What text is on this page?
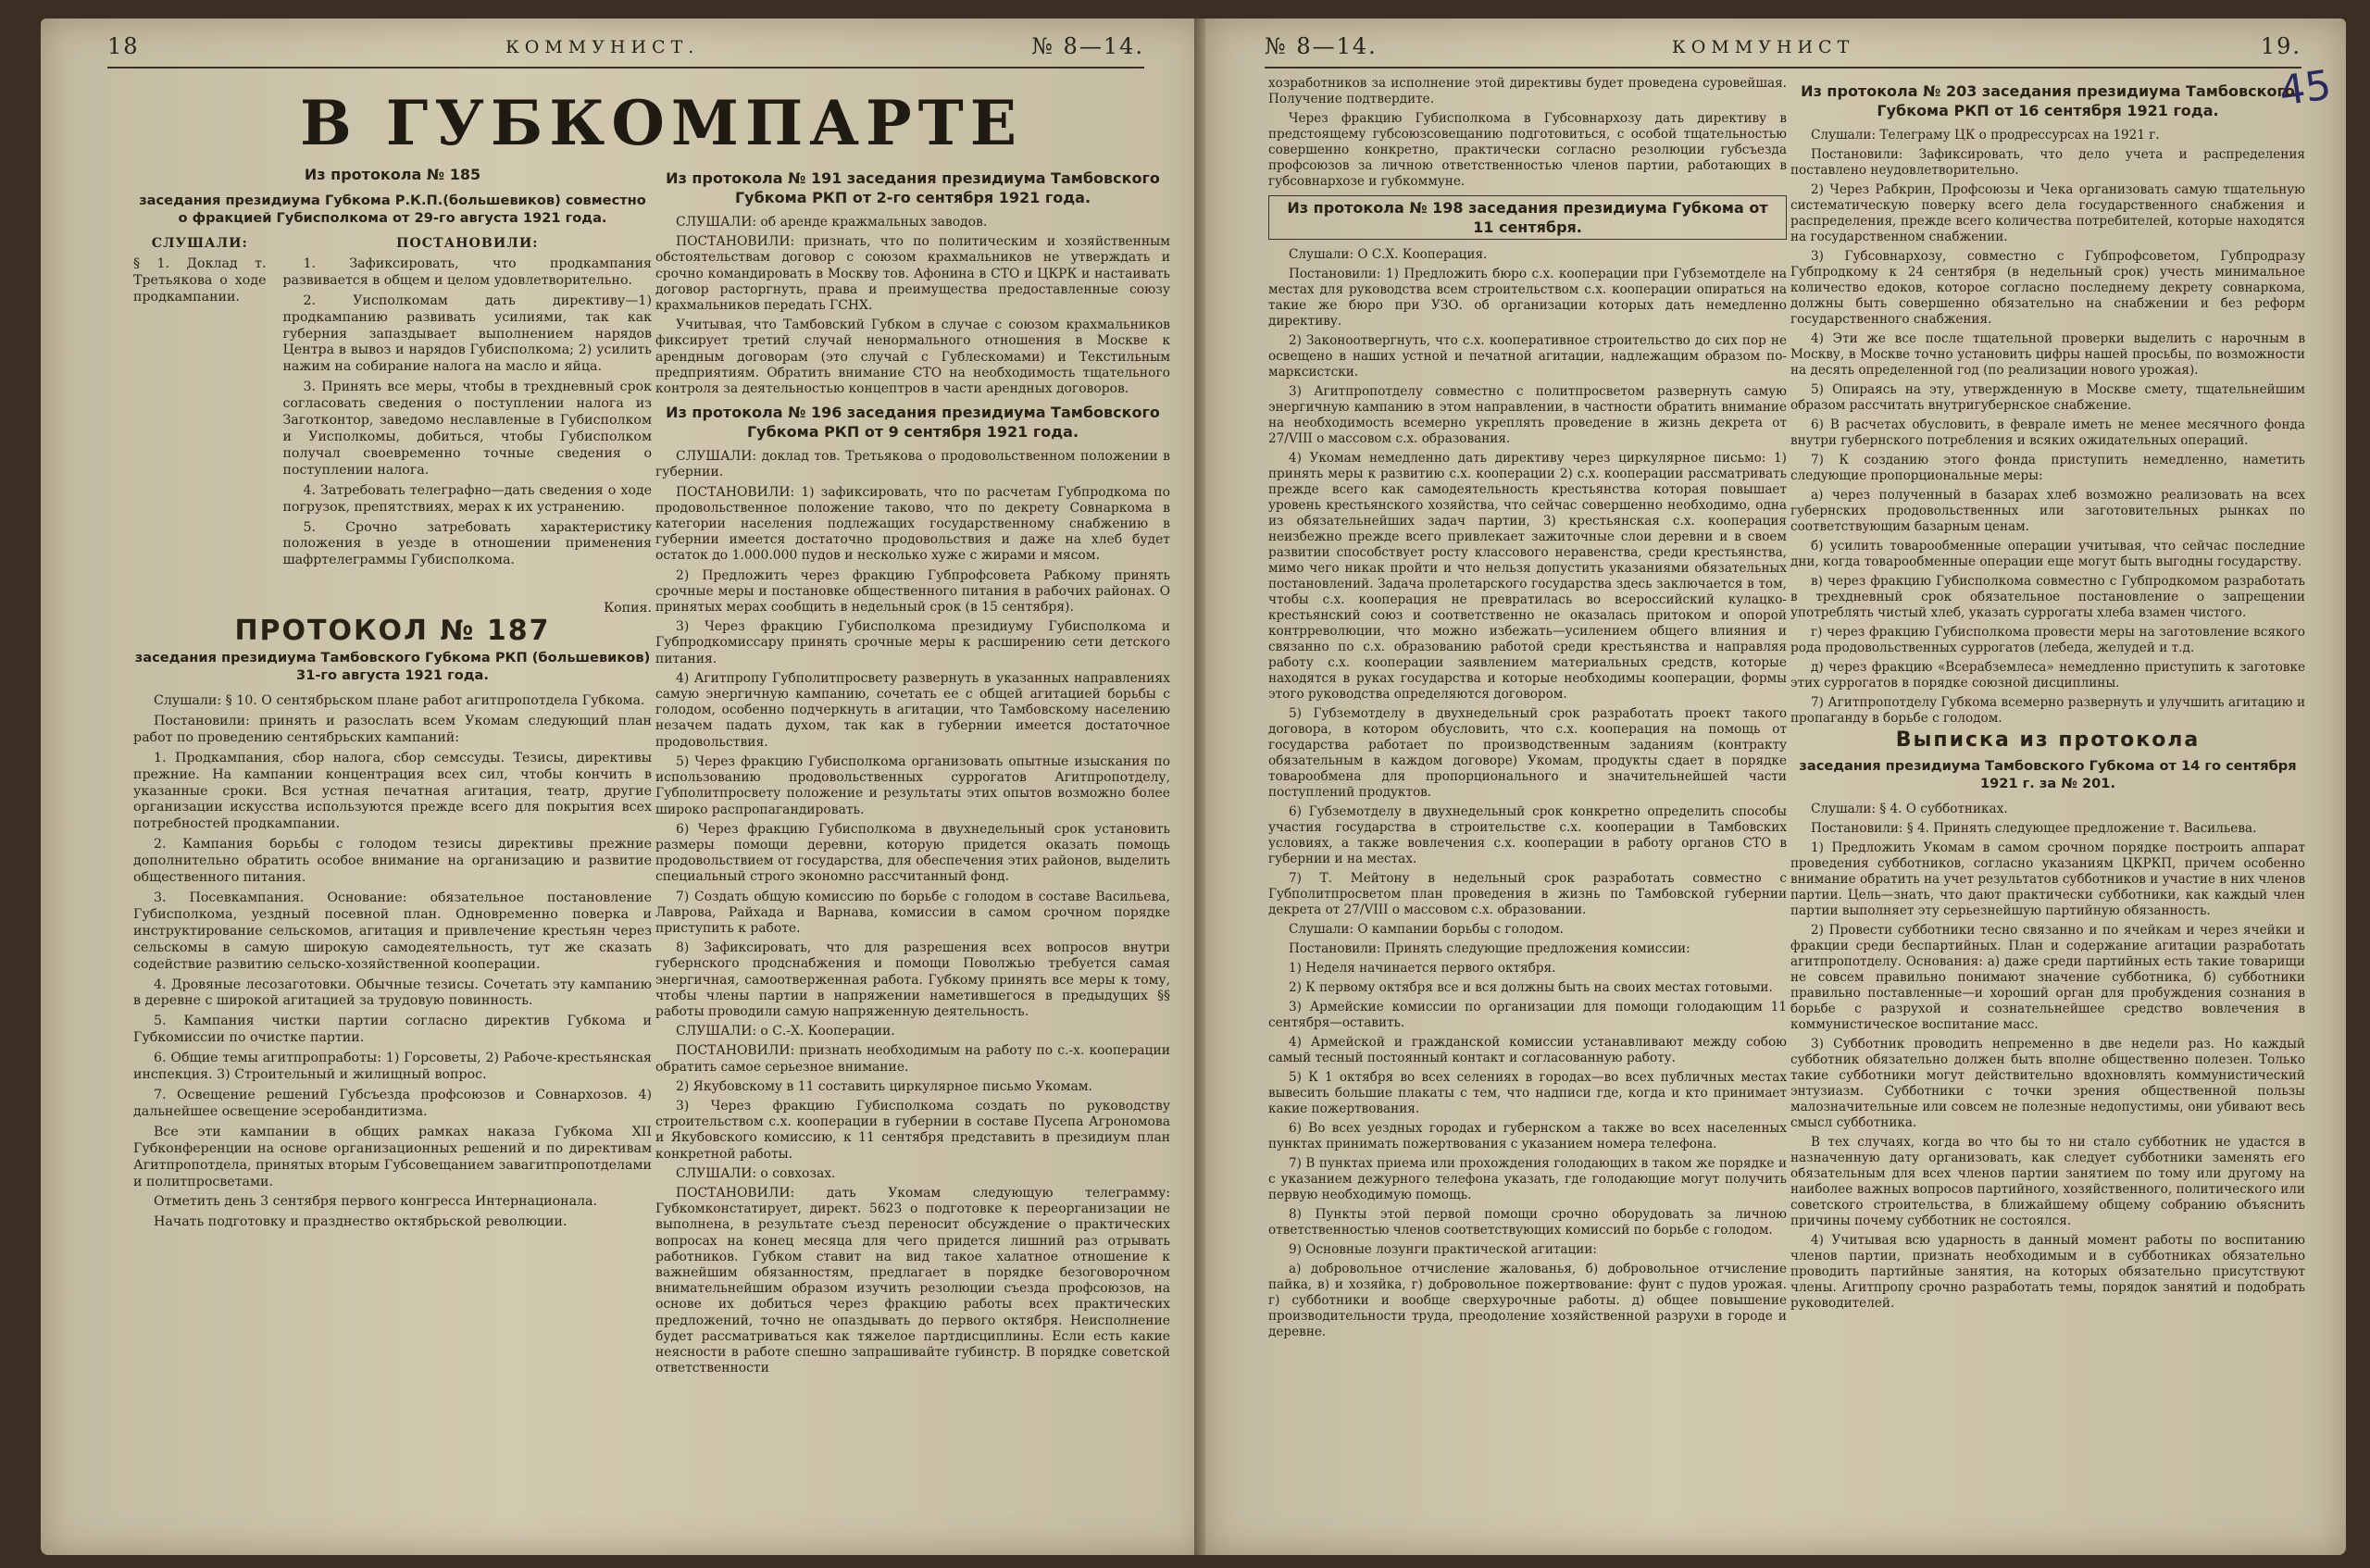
18	КОММУНИСТ.	№ 8—14.
В ГУБКОМПАРТЕ
Из протокола № 185
заседания президиума Губкома Р.К.П.(большевиков) совместно о фракцией Губисполкома от 29-го августа 1921 года.

СЛУШАЛИ:

§ 1. Доклад т. Третьякова о ходе продкампании.

ПОСТАНОВИЛИ:

1. Зафиксировать, что продкампания развивается в общем и целом удовлетворительно.

2. Уисполкомам дать директиву—1) продкампанию развивать усилиями, так как губерния запаздывает выполнением нарядов Центра в вывоз и нарядов Губисполкома; 2) усилить нажим на собирание налога на масло и яйца.

3. Принять все меры, чтобы в трехдневный срок согласовать сведения о поступлении налога из Заготконтор, заведомо неславленые в Губисполком и Уисполкомы, добиться, чтобы Губисполком получал своевременно точные сведения о поступлении налога.

4. Затребовать телеграфно—дать сведения о ходе погрузок, препятствиях, мерах к их устранению.

5. Срочно затребовать характеристику положения в уезде в отношении применения шафртелеграммы Губисполкома.

Копия.

ПРОТОКОЛ № 187
заседания президиума Тамбовского Губкома РКП (большевиков) 31-го августа 1921 года.

Слушали: § 10. О сентябрьском плане работ агитпропотдела Губкома.

Постановили: принять и разослать всем Укомам следующий план работ по проведению сентябрьских кампаний:

1. Продкампания, сбор налога, сбор семссуды. Тезисы, директивы прежние. На кампании концентрация всех сил, чтобы кончить в указанные сроки. Вся устная печатная агитация, театр, другие организации искусства используются прежде всего для покрытия всех потребностей продкампании.

2. Кампания борьбы с голодом тезисы директивы прежние дополнительно обратить особое внимание на организацию и развитие общественного питания.

3. Посевкампания. Основание: обязательное постановление Губисполкома, уездный посевной план. Одновременно поверка и инструктирование сельскомов, агитация и привлечение крестьян через сельскомы в самую широкую самодеятельность, тут же сказать содействие развитию сельско-хозяйственной кооперации.

4. Дровяные лесозаготовки. Обычные тезисы. Сочетать эту кампанию в деревне с широкой агитацией за трудовую повинность.

5. Кампания чистки партии согласно директив Губкома и Губкомиссии по очистке партии.

6. Общие темы агитпропработы: 1) Горсоветы, 2) Рабоче-крестьянская инспекция. 3) Строительный и жилищный вопрос.

7. Освещение решений Губсъезда профсоюзов и Совнархозов. 4) дальнейшее освещение эсеробандитизма.

Все эти кампании в общих рамках наказа Губкома XII Губконференции на основе организационных решений и по директивам Агитпропотдела, принятых вторым Губсовещанием завагитпропотделами и политпросветами.

Отметить день 3 сентября первого конгресса Интернационала.

Начать подготовку и празднество октябрьской революции.

Из протокола № 191 заседания президиума Тамбовского Губкома РКП от 2-го сентября 1921 года.

СЛУШАЛИ: об аренде кражмальных заводов.

ПОСТАНОВИЛИ: признать, что по политическим и хозяйственным обстоятельствам договор с союзом крахмальников не утверждать и срочно командировать в Москву тов. Афонина в СТО и ЦКРК и настаивать договор расторгнуть, права и преимущества предоставленные союзу крахмальников передать ГСНХ.

Учитывая, что Тамбовский Губком в случае с союзом крахмальников фиксирует третий случай ненормального отношения в Москве к арендным договорам (это случай с Гублескомами) и Текстильным предприятиям. Обратить внимание СТО на необходимость тщательного контроля за деятельностью концептров в части арендных договоров.

Из протокола № 196 заседания президиума Тамбовского Губкома РКП от 9 сентября 1921 года.

СЛУШАЛИ: доклад тов. Третьякова о продовольственном положении в губернии.

ПОСТАНОВИЛИ: 1) зафиксировать, что по расчетам Губпродкома по продовольственное положение таково, что по декрету Совнаркома в категории населения подлежащих государственному снабжению в губернии имеется достаточно продовольствия и даже на хлеб будет остаток до 1.000.000 пудов и несколько хуже с жирами и мясом.

2) Предложить через фракцию Губпрофсовета Рабкому принять срочные меры и постановке общественного питания в рабочих районах. О принятых мерах сообщить в недельный срок (в 15 сентября).

3) Через фракцию Губисполкома президиуму Губисполкома и Губпродкомиссару принять срочные меры к расширению сети детского питания.

4) Агитпропу Губполитпросвету развернуть в указанных направлениях самую энергичную кампанию, сочетать ее с общей агитацией борьбы с голодом, особенно подчеркнуть в агитации, что Тамбовскому населению незачем падать духом, так как в губернии имеется достаточное продовольствия.

5) Через фракцию Губисполкома организовать опытные изыскания по использованию продовольственных суррогатов Агитпропотделу, Губполитпросвету положение и результаты этих опытов возможно более широко распропагандировать.

6) Через фракцию Губисполкома в двухнедельный срок установить размеры помощи деревни, которую придется оказать помощь продовольствием от государства, для обеспечения этих районов, выделить специальный строго экономно рассчитанный фонд.

7) Создать общую комиссию по борьбе с голодом в составе Васильева, Лаврова, Райхада и Варнава, комиссии в самом срочном порядке приступить к работе.

8) Зафиксировать, что для разрешения всех вопросов внутри губернского продснабжения и помощи Поволжью требуется самая энергичная, самоотверженная работа. Губкому принять все меры к тому, чтобы члены партии в напряжении наметившегося в предыдущих §§ работы проводили самую напряженную деятельность.

СЛУШАЛИ: о С.-Х. Кооперации.

ПОСТАНОВИЛИ: признать необходимым на работу по с.-х. кооперации обратить самое серьезное внимание.

2) Якубовскому в 11 составить циркулярное письмо Укомам.

3) Через фракцию Губисполкома создать по руководству строительством с.х. кооперации в губернии в составе Пусепа Агрономова и Якубовского комиссию, к 11 сентября представить в президиум план конкретной работы.

СЛУШАЛИ: о совхозах.

ПОСТАНОВИЛИ: дать Укомам следующую телеграмму: Губкомконстатирует, директ. 5623 о подготовке к переорганизации не выполнена, в результате съезд переносит обсуждение о практических вопросах на конец месяца для чего придется лишний раз отрывать работников. Губком ставит на вид такое халатное отношение к важнейшим обязанностям, предлагает в порядке безоговорочном внимательнейшим образом изучить резолюции съезда профсоюзов, на основе их добиться через фракцию работы всех практических предложений, точно не опаздывать до первого октября. Неисполнение будет рассматриваться как тяжелое партдисциплины. Если есть какие неясности в работе спешно запрашивайте губинстр. В порядке советской ответственности

№ 8—14.	КОММУНИСТ	19.
45

хозработников за исполнение этой директивы будет проведена суровейшая. Получение подтвердите.

Через фракцию Губисполкома в Губсовнархозу дать директиву в предстоящему губсоюзсовещанию подготовиться, с особой тщательностью совершенно конкретно, практически согласно резолюции губсъезда профсоюзов за личною ответственностью членов партии, работающих в губсовнархозе и губкоммуне.

Из протокола № 198 заседания президиума Губкома от 11 сентября.

Слушали: О С.Х. Кооперация.

Постановили: 1) Предложить бюро с.х. кооперации при Губземотделе на местах для руководства всем строительством с.х. кооперации опираться на такие же бюро при УЗО. об организации которых дать немедленно директиву.

2) Законоотвергнуть, что с.х. кооперативное строительство до сих пор не освещено в наших устной и печатной агитации, надлежащим образом по-марксистски.

3) Агитпропотделу совместно с политпросветом развернуть самую энергичную кампанию в этом направлении, в частности обратить внимание на необходимость всемерно укреплять проведение в жизнь декрета от 27/VIII о массовом с.х. образования.

4) Укомам немедленно дать директиву через циркулярное письмо: 1) принять меры к развитию с.х. кооперации 2) с.х. кооперации рассматривать прежде всего как самодеятельность крестьянства которая повышает уровень крестьянского хозяйства, что сейчас совершенно необходимо, одна из обязательнейших задач партии, 3) крестьянская с.х. кооперация неизбежно прежде всего привлекает зажиточные слои деревни и в своем развитии способствует росту классового неравенства, среди крестьянства, мимо чего никак пройти и что нельзя допустить указаниями обязательных постановлений. Задача пролетарского государства здесь заключается в том, чтобы с.х. кооперация не превратилась во всероссийский кулацко-крестьянский союз и соответственно не оказалась притоком и опорой контрреволюции, что можно избежать—усилением общего влияния и связанно по с.х. образованию работой среди крестьянства и направляя работу с.х. кооперации заявлением материальных средств, которые находятся в руках государства и которые необходимы кооперации, формы этого руководства определяются договором.

5) Губземотделу в двухнедельный срок разработать проект такого договора, в котором обусловить, что с.х. кооперация на помощь от государства работает по производственным заданиям (контракту обязательным в каждом договоре) Укомам, продукты сдает в порядке товарообмена для пропорционального и значительнейшей части поступлений продуктов.

6) Губземотделу в двухнедельный срок конкретно определить способы участия государства в строительстве с.х. кооперации в Тамбовских условиях, а также вовлечения с.х. кооперации в работу органов СТО в губернии и на местах.

7) Т. Мейтону в недельный срок разработать совместно с Губполитпросветом план проведения в жизнь по Тамбовской губернии декрета от 27/VIII о массовом с.х. образовании.

Слушали: О кампании борьбы с голодом.

Постановили: Принять следующие предложения комиссии:

1) Неделя начинается первого октября.

2) К первому октября все и вся должны быть на своих местах готовыми.

3) Армейские комиссии по организации для помощи голодающим 11 сентября—оставить.

4) Армейской и гражданской комиссии устанавливают между собою самый тесный постоянный контакт и согласованную работу.

5) К 1 октября во всех селениях в городах—во всех публичных местах вывесить большие плакаты с тем, что надписи где, когда и кто принимает какие пожертвования.

6) Во всех уездных городах и губернском а также во всех населенных пунктах принимать пожертвования с указанием номера телефона.

7) В пунктах приема или прохождения голодающих в таком же порядке и с указанием дежурного телефона указать, где голодающие могут получить первую необходимую помощь.

8) Пункты этой первой помощи срочно оборудовать за личною ответственностью членов соответствующих комиссий по борьбе с голодом.

9) Основные лозунги практической агитации:

а) добровольное отчисление жалованья, б) добровольное отчисление пайка, в) и хозяйка, г) добровольное пожертвование: фунт с пудов урожая. г) субботники и вообще сверхурочные работы. д) общее повышение производительности труда, преодоление хозяйственной разрухи в городе и деревне.

Из протокола № 203 заседания президиума Тамбовского Губкома РКП от 16 сентября 1921 года.

Слушали: Телеграму ЦК о продрессурсах на 1921 г.

Постановили: Зафиксировать, что дело учета и распределения поставлено неудовлетворительно.

2) Через Рабкрин, Профсоюзы и Чека организовать самую тщательную систематическую поверку всего дела государственного снабжения и распределения, прежде всего количества потребителей, которые находятся на государственном снабжении.

3) Губсовнархозу, совместно с Губпрофсоветом, Губпродразу Губпродкому к 24 сентября (в недельный срок) учесть минимальное количество едоков, которое согласно последнему декрету совнаркома, должны быть совершенно обязательно на снабжении и без реформ государственного снабжения.

4) Эти же все после тщательной проверки выделить с нарочным в Москву, в Москве точно установить цифры нашей просьбы, по возможности на десять определенной год (по реализации нового урожая).

5) Опираясь на эту, утвержденную в Москве смету, тщательнейшим образом рассчитать внутригубернское снабжение.

6) В расчетах обусловить, в феврале иметь не менее месячного фонда внутри губернского потребления и всяких ожидательных операций.

7) К созданию этого фонда приступить немедленно, наметить следующие пропорциональные меры:

а) через полученный в базарах хлеб возможно реализовать на всех губернских продовольственных или заготовительных рынках по соответствующим базарным ценам.

б) усилить товарообменные операции учитывая, что сейчас последние дни, когда товарообменные операции еще могут быть выгодны государству.

в) через фракцию Губисполкома совместно с Губпродкомом разработать в трехдневный срок обязательное постановление о запрещении употреблять чистый хлеб, указать суррогаты хлеба взамен чистого.

г) через фракцию Губисполкома провести меры на заготовление всякого рода продовольственных суррогатов (лебеда, желудей и т.д.

д) через фракцию «Всерабземлеса» немедленно приступить к заготовке этих суррогатов в порядке союзной дисциплины.

7) Агитпропотделу Губкома всемерно развернуть и улучшить агитацию и пропаганду в борьбе с голодом.

Выписка из протокола
заседания президиума Тамбовского Губкома от 14 го сентября 1921 г. за № 201.

Слушали: § 4. О субботниках.

Постановили: § 4. Принять следующее предложение т. Васильева.

1) Предложить Укомам в самом срочном порядке построить аппарат проведения субботников, согласно указаниям ЦКРКП, причем особенно внимание обратить на учет результатов субботников и участие в них членов партии. Цель—знать, что дают практически субботники, как каждый член партии выполняет эту серьезнейшую партийную обязанность.

2) Провести субботники тесно связанно и по ячейкам и через ячейки и фракции среди беспартийных. План и содержание агитации разработать агитпропотделу. Основания: а) даже среди партийных есть такие товарищи не совсем правильно понимают значение субботника, б) субботники правильно поставленные—и хороший орган для пробуждения сознания в борьбе с разрухой и сознательнейшее средство вовлечения в коммунистическое воспитание масс.

3) Субботник проводить непременно в две недели раз. Но каждый субботник обязательно должен быть вполне общественно полезен. Только такие субботники могут действительно вдохновлять коммунистический энтузиазм. Субботники с точки зрения общественной пользы малозначительные или совсем не полезные недопустимы, они убивают весь смысл субботника.

В тех случаях, когда во что бы то ни стало субботник не удастся в назначенную дату организовать, как следует субботники заменять его обязательным для всех членов партии занятием по тому или другому на наиболее важных вопросов партийного, хозяйственного, политического или советского строительства, в ближайшему общему собранию объяснить причины почему субботник не состоялся.

4) Учитывая всю ударность в данный момент работы по воспитанию членов партии, признать необходимым и в субботниках обязательно проводить партийные занятия, на которых обязательно присутствуют члены. Агитпропу срочно разработать темы, порядок занятий и подобрать руководителей.
